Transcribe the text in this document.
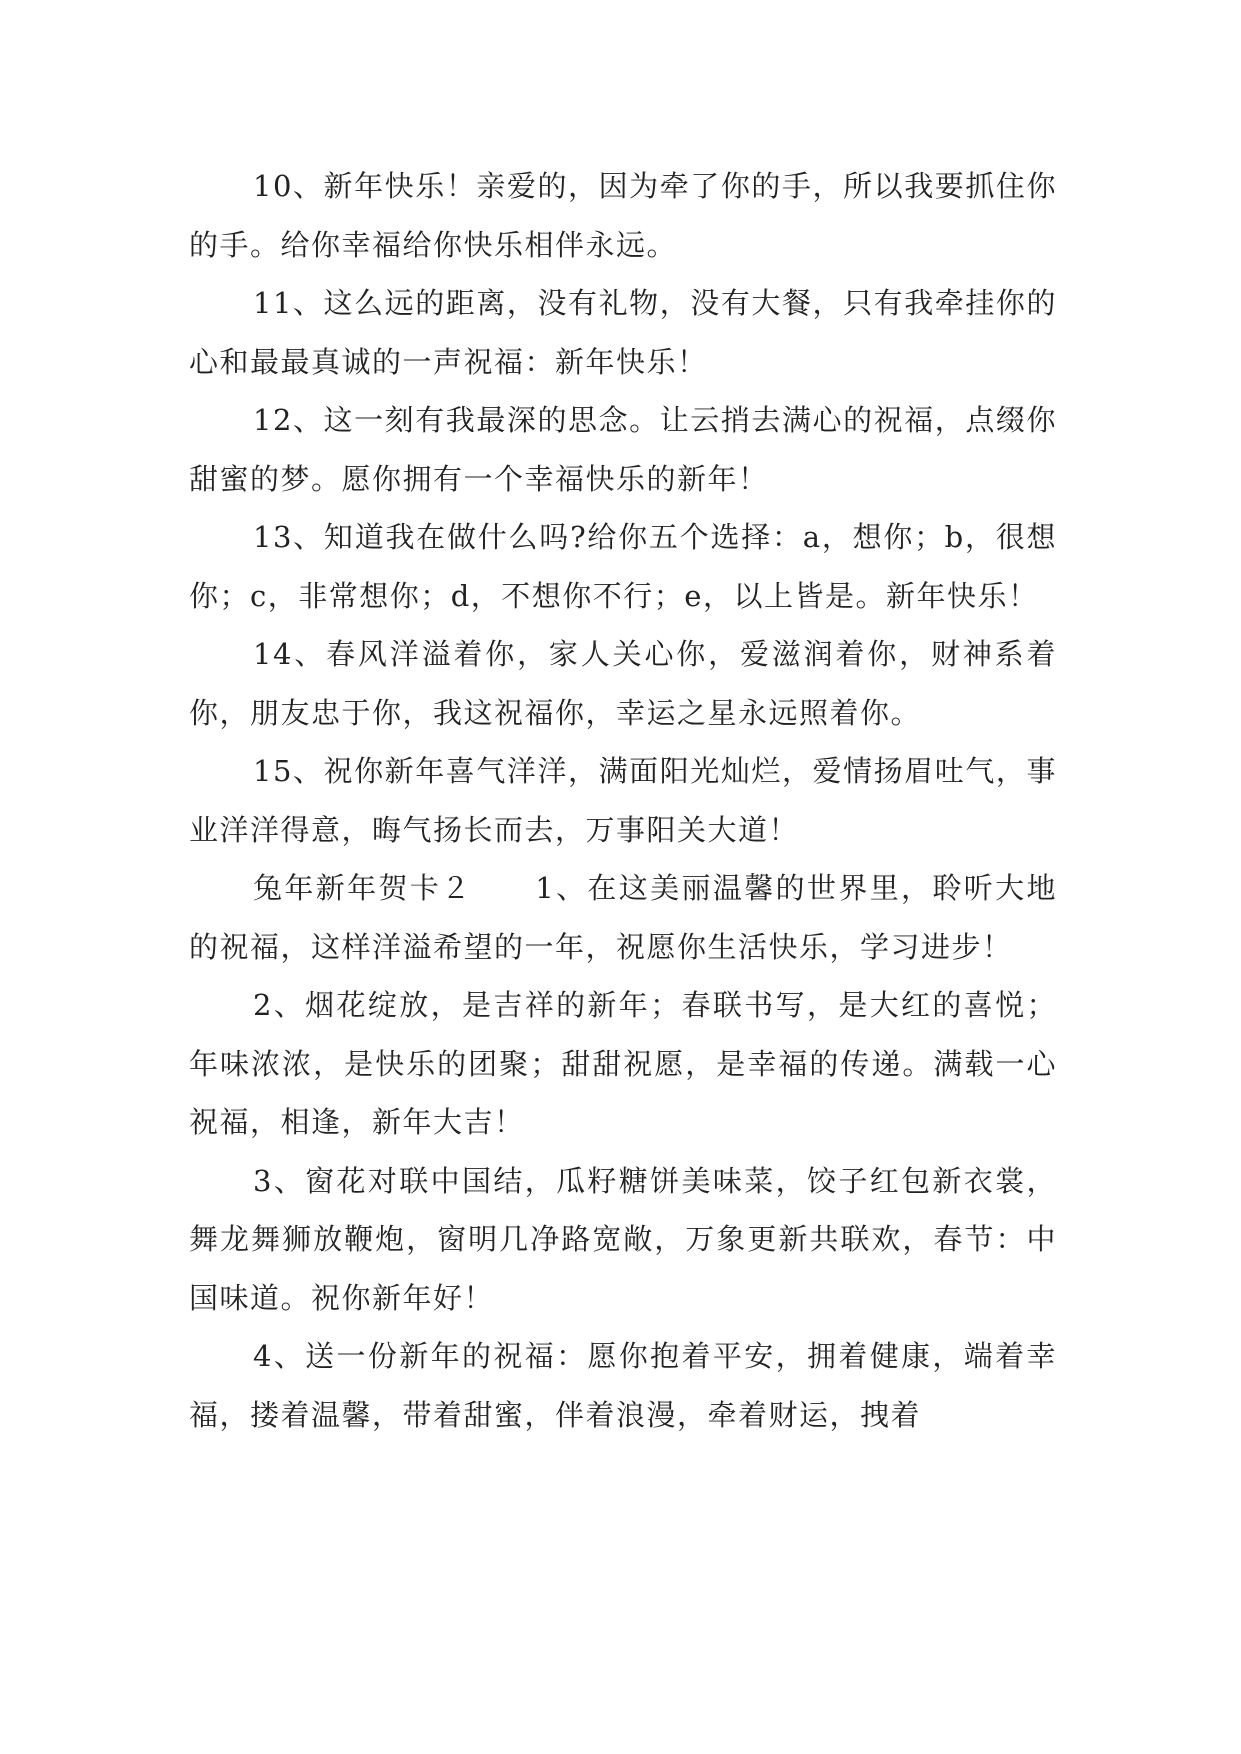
10、新年快乐！亲爱的，因为牵了你的手，所以我要抓住你的手。给你幸福给你快乐相伴永远。

11、这么远的距离，没有礼物，没有大餐，只有我牵挂你的心和最最真诚的一声祝福：新年快乐！

12、这一刻有我最深的思念。让云捎去满心的祝福，点缀你甜蜜的梦。愿你拥有一个幸福快乐的新年！

13、知道我在做什么吗?给你五个选择：a，想你；b，很想你；c，非常想你；d，不想你不行；e，以上皆是。新年快乐！

14、春风洋溢着你，家人关心你，爱滋润着你，财神系着你，朋友忠于你，我这祝福你，幸运之星永远照着你。

15、祝你新年喜气洋洋，满面阳光灿烂，爱情扬眉吐气，事业洋洋得意，晦气扬长而去，万事阳关大道！

兔年新年贺卡２　　1、在这美丽温馨的世界里，聆听大地的祝福，这样洋溢希望的一年，祝愿你生活快乐，学习进步！

2、烟花绽放，是吉祥的新年；春联书写，是大红的喜悦；年味浓浓，是快乐的团聚；甜甜祝愿，是幸福的传递。满载一心祝福，相逢，新年大吉！

3、窗花对联中国结，瓜籽糖饼美味菜，饺子红包新衣裳，舞龙舞狮放鞭炮，窗明几净路宽敞，万象更新共联欢，春节：中国味道。祝你新年好！

4、送一份新年的祝福：愿你抱着平安，拥着健康，端着幸福，搂着温馨，带着甜蜜，伴着浪漫，牵着财运，拽着
